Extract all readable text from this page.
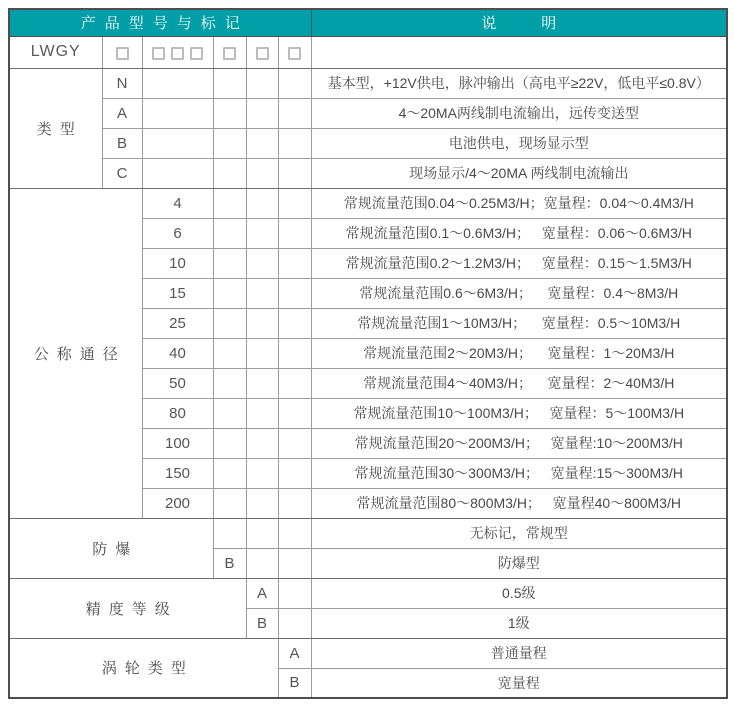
产品型号与标记						说明
LWGY						
类型	N					基本型，+12V供电，脉冲输出（高电平≥22V，低电平≤0.8V）
	A					4～20MA两线制电流输出，远传变送型
	B					电池供电，现场显示型
	C					现场显示/4～20MA 两线制电流输出
公称通径		4				常规流量范围0.04～0.25M3/H；宽量程：0.04～0.4M3/H
		6				常规流量范围0.1～0.6M3/H；   宽量程：0.06～0.6M3/H
		10				常规流量范围0.2～1.2M3/H；   宽量程：0.15～1.5M3/H
		15				常规流量范围0.6～6M3/H；    宽量程：0.4～8M3/H
		25				常规流量范围1～10M3/H；    宽量程：0.5～10M3/H
		40				常规流量范围2～20M3/H；    宽量程：1～20M3/H
		50				常规流量范围4～40M3/H；    宽量程：2～40M3/H
		80				常规流量范围10～100M3/H；   宽量程：5～100M3/H
		100				常规流量范围20～200M3/H；   宽量程:10～200M3/H
		150				常规流量范围30～300M3/H；   宽量程:15～300M3/H
		200				常规流量范围80～800M3/H；   宽量程40～800M3/H
防爆						无标记，常规型
			B			防爆型
精度等级				A		0.5级
				B		1级
涡轮类型					A	普通量程
					B	宽量程
